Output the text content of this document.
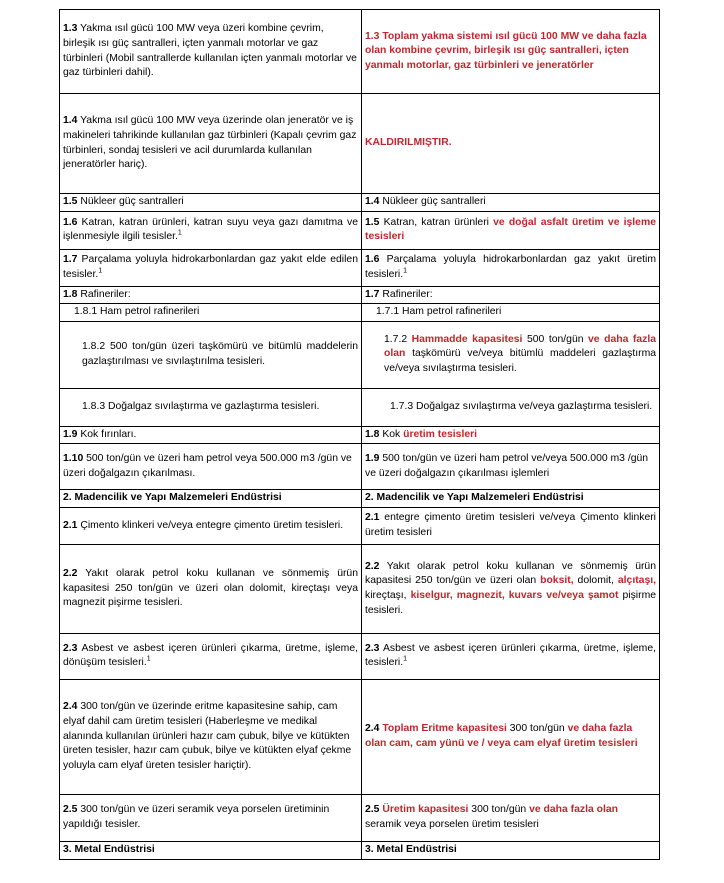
1.3 Yakma ısıl gücü 100 MW veya üzeri kombine çevrim, birleşik ısı güç santralleri, içten yanmalı motorlar ve gaz türbinleri (Mobil santrallerde kullanılan içten yanmalı motorlar ve gaz türbinleri dahil).	1.3 Toplam yakma sistemi ısıl gücü 100 MW ve daha fazla olan kombine çevrim, birleşik ısı güç santralleri, içten yanmalı motorlar, gaz türbinleri ve jeneratörler
1.4 Yakma ısıl gücü 100 MW veya üzerinde olan jeneratör ve iş makineleri tahrikinde kullanılan gaz türbinleri (Kapalı çevrim gaz türbinleri, sondaj tesisleri ve acil durumlarda kullanılan jeneratörler hariç).	KALDIRILMIŞTIR.
1.5 Nükleer güç santralleri	1.4 Nükleer güç santralleri
1.6 Katran, katran ürünleri, katran suyu veya gazı damıtma ve işlenmesiyle ilgili tesisler.$^1$	1.5 Katran, katran ürünleri ve doğal asfalt üretim ve işleme tesisleri
1.7 Parçalama yoluyla hidrokarbonlardan gaz yakıt elde edilen tesisler.$^1$	1.6 Parçalama yoluyla hidrokarbonlardan gaz yakıt üretim tesisleri.$^1$
1.8 Rafineriler:	1.7 Rafineriler:
1.8.1 Ham petrol rafinerileri	1.7.1 Ham petrol rafinerileri
1.8.2 500 ton/gün üzeri taşkömürü ve bitümlü maddelerin gazlaştırılması ve sıvılaştırılma tesisleri.	1.7.2 Hammadde kapasitesi 500 ton/gün ve daha fazla olan taşkömürü ve/veya bitümlü maddeleri gazlaştırma ve/veya sıvılaştırma tesisleri.
1.8.3 Doğalgaz sıvılaştırma ve gazlaştırma tesisleri.	1.7.3 Doğalgaz sıvılaştırma ve/veya gazlaştırma tesisleri.
1.9 Kok fırınları.	1.8 Kok üretim tesisleri
1.10 500 ton/gün ve üzeri ham petrol veya 500.000 m3 /gün ve üzeri doğalgazın çıkarılması.	1.9 500 ton/gün ve üzeri ham petrol ve/veya 500.000 m3 /gün ve üzeri doğalgazın çıkarılması işlemleri
2. Madencilik ve Yapı Malzemeleri Endüstrisi	2. Madencilik ve Yapı Malzemeleri Endüstrisi
2.1 Çimento klinkeri ve/veya entegre çimento üretim tesisleri.	2.1 entegre çimento üretim tesisleri ve/veya Çimento klinkeri üretim tesisleri
2.2 Yakıt olarak petrol koku kullanan ve sönmemiş ürün kapasitesi 250 ton/gün ve üzeri olan dolomit, kireçtaşı veya magnezit pişirme tesisleri.	2.2 Yakıt olarak petrol koku kullanan ve sönmemiş ürün kapasitesi 250 ton/gün ve üzeri olan boksit, dolomit, alçıtaşı, kireçtaşı, kiselgur, magnezit, kuvars ve/veya şamot pişirme tesisleri.
2.3 Asbest ve asbest içeren ürünleri çıkarma, üretme, işleme, dönüşüm tesisleri.$^1$	2.3 Asbest ve asbest içeren ürünleri çıkarma, üretme, işleme, tesisleri.$^1$
2.4 300 ton/gün ve üzerinde eritme kapasitesine sahip, cam elyaf dahil cam üretim tesisleri (Haberleşme ve medikal alanında kullanılan ürünleri hazır cam çubuk, bilye ve kütükten üreten tesisler, hazır cam çubuk, bilye ve kütükten elyaf çekme yoluyla cam elyaf üreten tesisler hariçtir).	2.4 Toplam Eritme kapasitesi 300 ton/gün ve daha fazla olan cam, cam yünü ve / veya cam elyaf üretim tesisleri
2.5 300 ton/gün ve üzeri seramik veya porselen üretiminin yapıldığı tesisler.	2.5 Üretim kapasitesi 300 ton/gün ve daha fazla olan seramik veya porselen üretim tesisleri
3. Metal Endüstrisi	3. Metal Endüstrisi
